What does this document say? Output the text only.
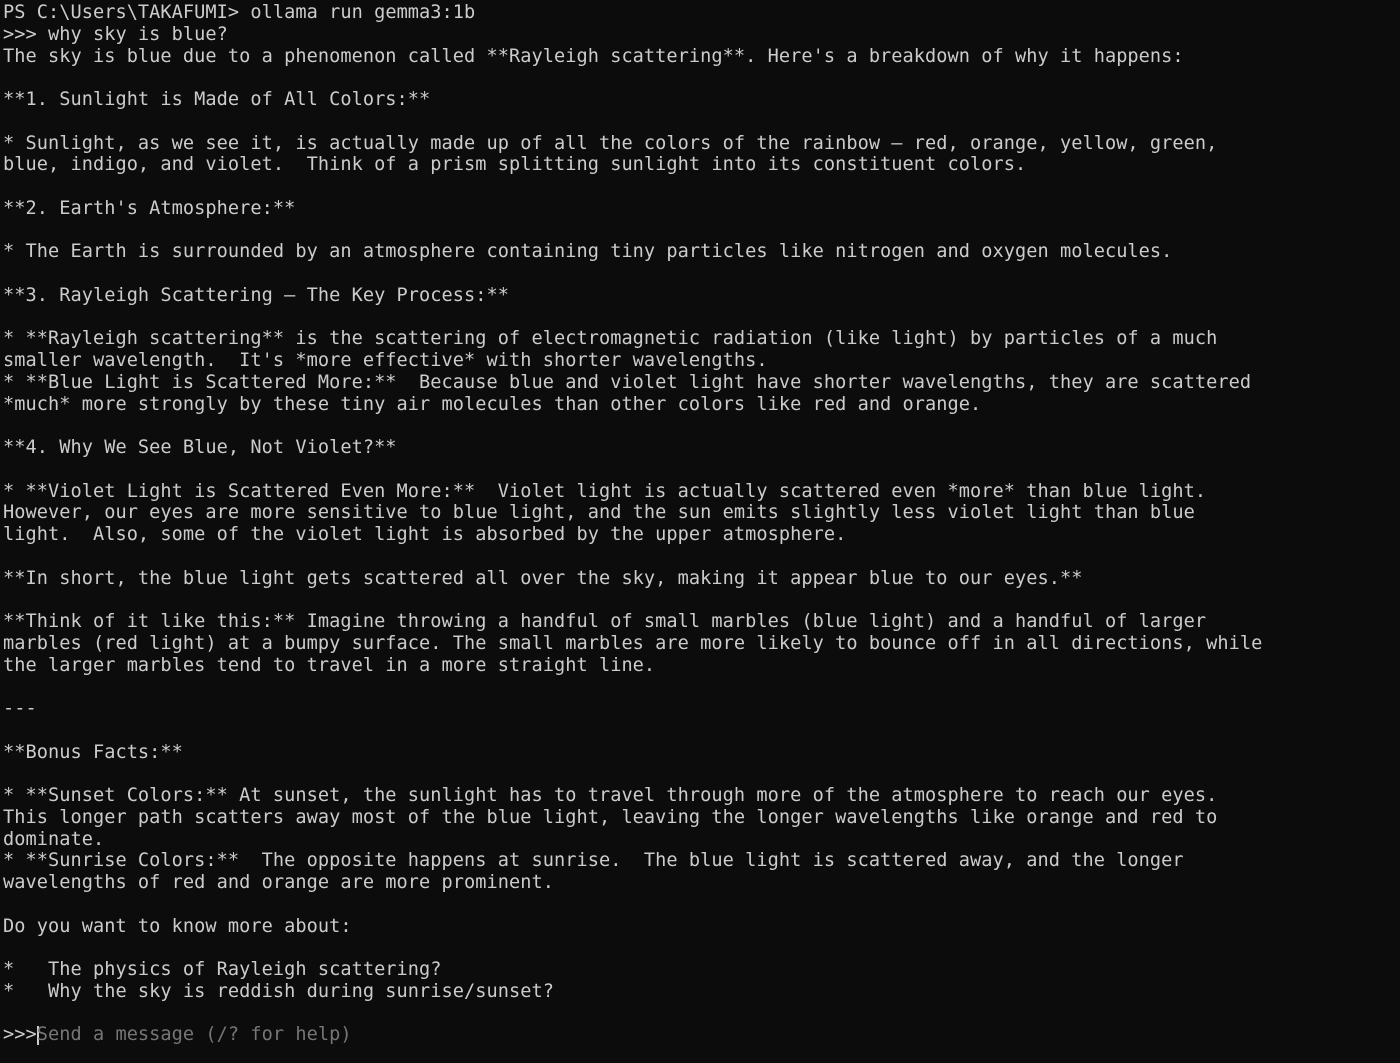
PS C:\Users\TAKAFUMI> ollama run gemma3:1b
>>> why sky is blue?
The sky is blue due to a phenomenon called **Rayleigh scattering**. Here's a breakdown of why it happens:
**1. Sunlight is Made of All Colors:**
* Sunlight, as we see it, is actually made up of all the colors of the rainbow – red, orange, yellow, green,
blue, indigo, and violet.  Think of a prism splitting sunlight into its constituent colors.
**2. Earth's Atmosphere:**
* The Earth is surrounded by an atmosphere containing tiny particles like nitrogen and oxygen molecules.
**3. Rayleigh Scattering – The Key Process:**
* **Rayleigh scattering** is the scattering of electromagnetic radiation (like light) by particles of a much
smaller wavelength.  It's *more effective* with shorter wavelengths.
* **Blue Light is Scattered More:**  Because blue and violet light have shorter wavelengths, they are scattered
*much* more strongly by these tiny air molecules than other colors like red and orange.
**4. Why We See Blue, Not Violet?**
* **Violet Light is Scattered Even More:**  Violet light is actually scattered even *more* than blue light.
However, our eyes are more sensitive to blue light, and the sun emits slightly less violet light than blue
light.  Also, some of the violet light is absorbed by the upper atmosphere.
**In short, the blue light gets scattered all over the sky, making it appear blue to our eyes.**
**Think of it like this:** Imagine throwing a handful of small marbles (blue light) and a handful of larger
marbles (red light) at a bumpy surface. The small marbles are more likely to bounce off in all directions, while
the larger marbles tend to travel in a more straight line.
---
**Bonus Facts:**
* **Sunset Colors:** At sunset, the sunlight has to travel through more of the atmosphere to reach our eyes.
This longer path scatters away most of the blue light, leaving the longer wavelengths like orange and red to
dominate.
* **Sunrise Colors:**  The opposite happens at sunrise.  The blue light is scattered away, and the longer
wavelengths of red and orange are more prominent.
Do you want to know more about:
*   The physics of Rayleigh scattering?
*   Why the sky is reddish during sunrise/sunset?
>>> Send a message (/? for help)
